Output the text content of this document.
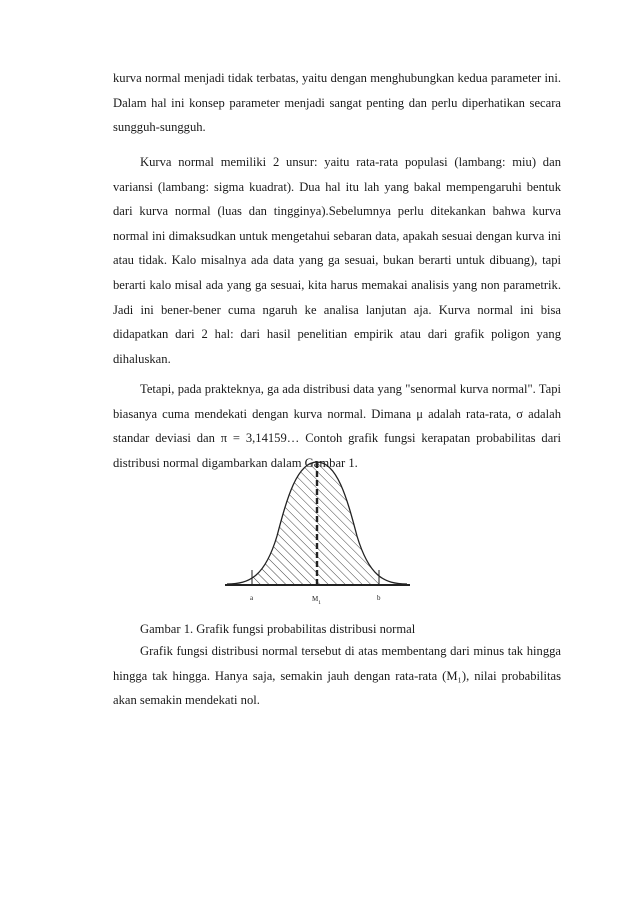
kurva normal menjadi tidak terbatas, yaitu dengan menghubungkan kedua parameter ini. Dalam hal ini konsep parameter menjadi sangat penting dan perlu diperhatikan secara sungguh-sungguh.

Kurva normal memiliki 2 unsur: yaitu rata-rata populasi (lambang: miu) dan variansi (lambang: sigma kuadrat). Dua hal itu lah yang bakal mempengaruhi bentuk dari kurva normal (luas dan tingginya).Sebelumnya perlu ditekankan bahwa kurva normal ini dimaksudkan untuk mengetahui sebaran data, apakah sesuai dengan kurva ini atau tidak. Kalo misalnya ada data yang ga sesuai, bukan berarti untuk dibuang), tapi berarti kalo misal ada yang ga sesuai, kita harus memakai analisis yang non parametrik. Jadi ini bener-bener cuma ngaruh ke analisa lanjutan aja. Kurva normal ini bisa didapatkan dari 2 hal: dari hasil penelitian empirik atau dari grafik poligon yang dihaluskan.

Tetapi, pada prakteknya, ga ada distribusi data yang "senormal kurva normal". Tapi biasanya cuma mendekati dengan kurva normal. Dimana μ adalah rata-rata, σ adalah standar deviasi dan π = 3,14159… Contoh grafik fungsi kerapatan probabilitas dari distribusi normal digambarkan dalam Gambar 1.

a	$M_1$
b

Gambar 1. Grafik fungsi probabilitas distribusi normal

Grafik fungsi distribusi normal tersebut di atas membentang dari minus tak hingga hingga tak hingga. Hanya saja, semakin jauh dengan rata-rata (M₁), nilai probabilitas akan semakin mendekati nol.
